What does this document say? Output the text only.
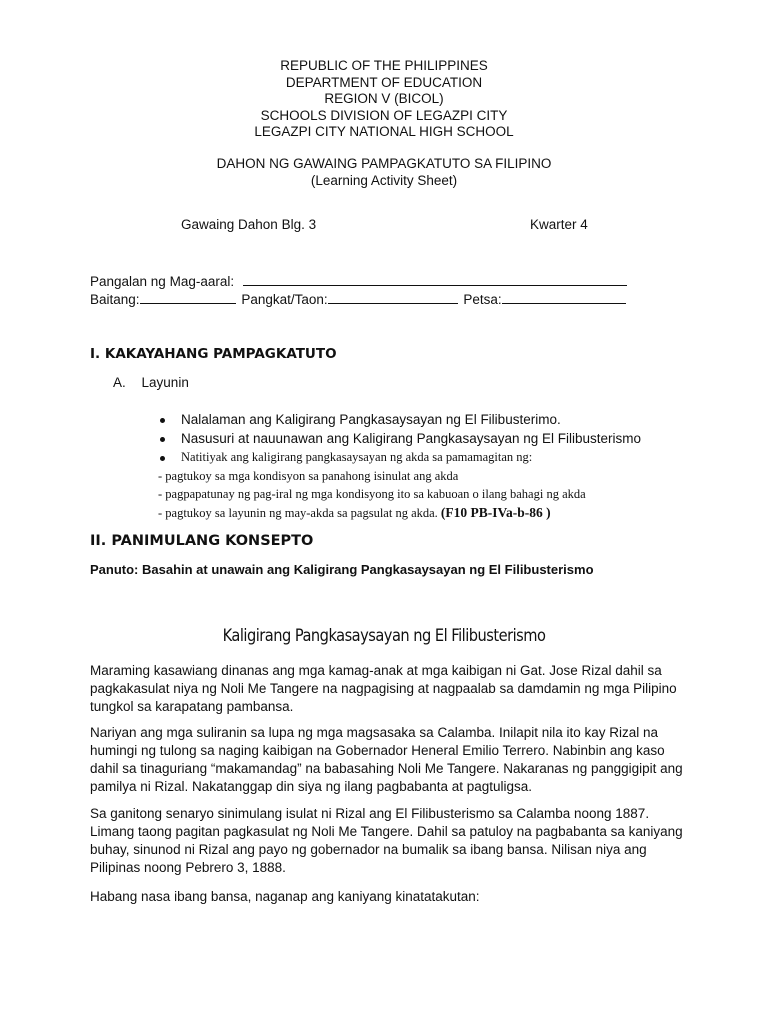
REPUBLIC OF THE PHILIPPINES
DEPARTMENT OF EDUCATION
REGION V (BICOL)
SCHOOLS DIVISION OF LEGAZPI CITY
LEGAZPI CITY NATIONAL HIGH SCHOOL
DAHON NG GAWAING PAMPAGKATUTO SA FILIPINO
(Learning Activity Sheet)
Gawaing Dahon Blg. 3	Kwarter 4
Pangalan ng Mag-aaral:
Baitang:	Pangkat/Taon:	Petsa:
I. KAKAYAHANG PAMPAGKATUTO
A. Layunin
Nalalaman ang Kaligirang Pangkasaysayan ng El Filibusterimo.
Nasusuri at nauunawan ang Kaligirang Pangkasaysayan ng El Filibusterismo
Natitiyak ang kaligirang pangkasaysayan ng akda sa pamamagitan ng:
- pagtukoy sa mga kondisyon sa panahong isinulat ang akda
- pagpapatunay ng pag-iral ng mga kondisyong ito sa kabuoan o ilang bahagi ng akda
- pagtukoy sa layunin ng may-akda sa pagsulat ng akda. (F10 PB-IVa-b-86 )
II. PANIMULANG KONSEPTO
Panuto: Basahin at unawain ang Kaligirang Pangkasaysayan ng El Filibusterismo
Kaligirang Pangkasaysayan ng El Filibusterismo
Maraming kasawiang dinanas ang mga kamag-anak at mga kaibigan ni Gat. Jose Rizal dahil sa pagkakasulat niya ng Noli Me Tangere na nagpagising at nagpaalab sa damdamin ng mga Pilipino tungkol sa karapatang pambansa.
Nariyan ang mga suliranin sa lupa ng mga magsasaka sa Calamba. Inilapit nila ito kay Rizal na humingi ng tulong sa naging kaibigan na Gobernador Heneral Emilio Terrero. Nabinbin ang kaso dahil sa tinaguriang “makamandag” na babasahing Noli Me Tangere. Nakaranas ng panggigipit ang pamilya ni Rizal. Nakatanggap din siya ng ilang pagbabanta at pagtuligsa.
Sa ganitong senaryo sinimulang isulat ni Rizal ang El Filibusterismo sa Calamba noong 1887. Limang taong pagitan pagkasulat ng Noli Me Tangere. Dahil sa patuloy na pagbabanta sa kaniyang buhay, sinunod ni Rizal ang payo ng gobernador na bumalik sa ibang bansa. Nilisan niya ang Pilipinas noong Pebrero 3, 1888.
Habang nasa ibang bansa, naganap ang kaniyang kinatatakutan:
